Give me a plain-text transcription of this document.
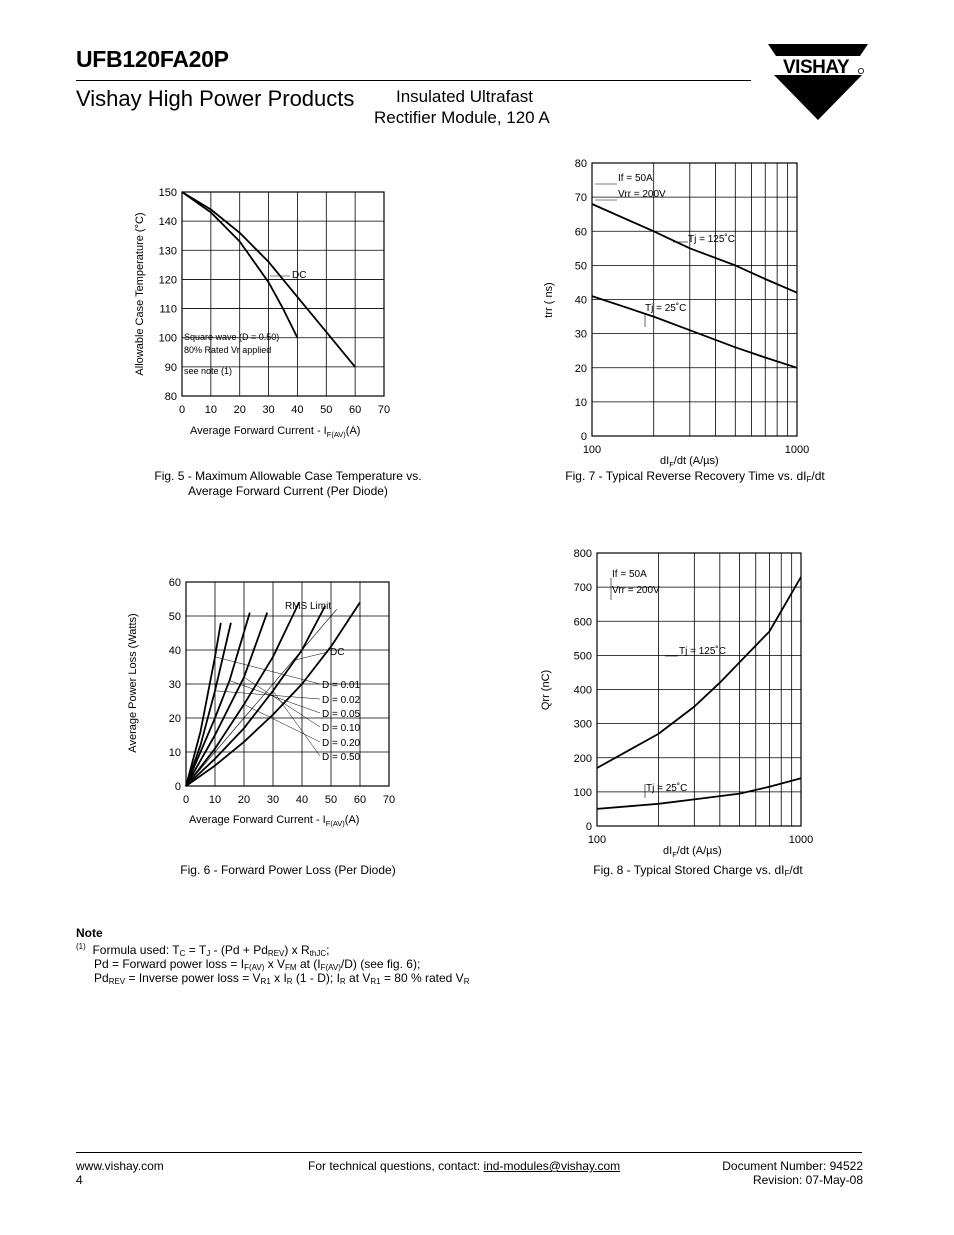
UFB120FA20P
Vishay High Power Products	Insulated Ultrafast
Rectifier Module, 120 A
VISHAY
0 10 20 30 40 50 60 70
80
90
100
110
120
130
140
150
Allowable Case Temperature (°C)
Average Forward Current - $I_{F(AV)}(A)$
DC
Square wave (D = 0.50)
80% Rated Vr applied
see note (1)
Fig. 5 - Maximum Allowable Case Temperature vs.
Average Forward Current (Per Diode)
100	1000
0
10
20
30
40
50
60
70
80
trr ( ns)
$dI_F/dt$ (A/µs)
If = 50A
Vrr = 200V
Tj = 125˚C
Tj = 25˚C
Fig. 7 - Typical Reverse Recovery Time vs. $dI_F/dt$
0 10 20 30 40 50 60 70
0
10
20
30
40
50
60
Average Power Loss (Watts)
Average Forward Current - $I_{F(AV)}(A)$
RMS Limit
DC
D = 0.01
D = 0.02
D = 0.05
D = 0.10
D = 0.20
D = 0.50
Fig. 6 - Forward Power Loss (Per Diode)
100	1000
0
100
200
300
400
500
600
700
800
Qrr (nC)
$dI_F/dt$ (A/µs)
If = 50A
Vrr = 200V
Tj = 125˚C
Tj = 25˚C
Fig. 8 - Typical Stored Charge vs. $dI_F/dt$
Note
$^{(1)}$ Formula used: $T_C = T_J - (Pd + Pd_{REV})$ x $R_{thJC}$;
Pd = Forward power loss = $I_{F(AV)}$ x $V_{FM}$ at $(I_{F(AV)}/D)$ (see fig. 6);
$Pd_{REV}$ = Inverse power loss = $V_{R1}$ x $I_R$ (1 - D); $I_R$ at $V_{R1} = 80$ % rated $V_R$
www.vishay.com
4
For technical questions, contact: ind-modules@vishay.com	Document Number: 94522
Revision: 07-May-08
